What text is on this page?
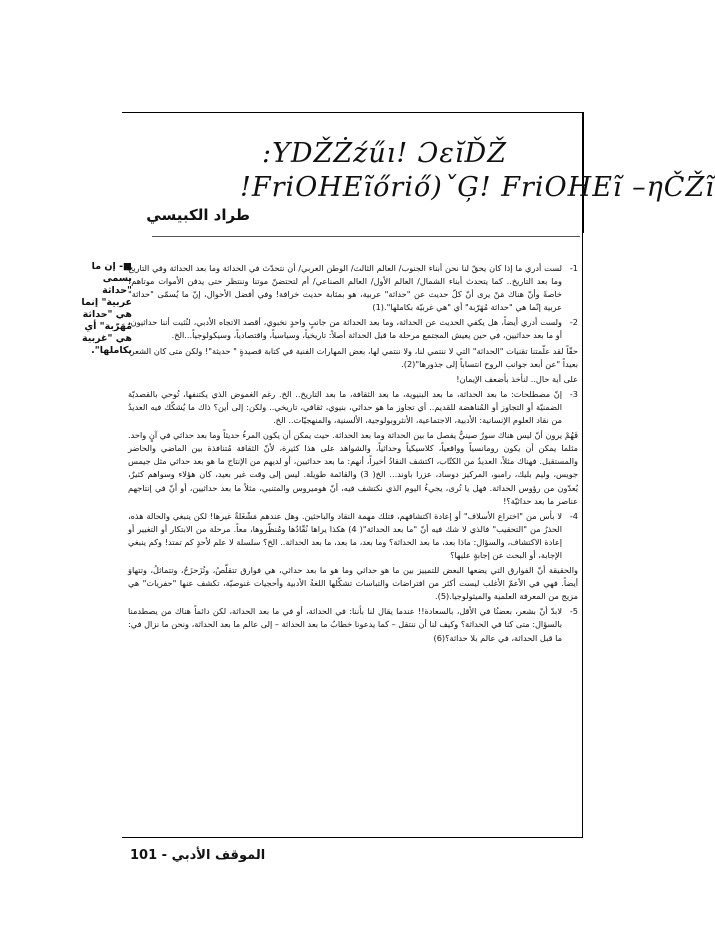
:YDŽŻźűı! ƆεĭĎŽ
!FriOHEĩőriő)ˇĢ! FriOHEĩ –ηČŽĩ
طراد الكبيسي
■- إن ما يسمى "حداثة عربية" إنما هي "حداثة مُهَرّبة" أي هي "غربية بكاملها".
1-
لست أدري ما إذا كان يحقّ لنا نحن أبناء الجنوب/ العالم الثالث/ الوطن العربي/ أن نتحدّث في الحداثة وما بعد الحداثة وفي التاريخ وما بعد التاريخ.. كما يتحدث أبناء الشمال/ العالم الأول/ العالم الصناعي/ أم لتحتضنّ موتنا وننتظر حتى يدفن الأموات موتاهم! خاصةً وأنّ هناك مَنْ يرى أنّ كلّ حديث عن "حداثة" عربية، هو بمثابة حديث خرافة! وفي أفضل الأحوال، إنّ ما يُسمّى "حداثة" عربية إنّما هي "حداثة مُهَرّبة" أي "هي غربيّة بكاملها".(1)
2-
ولست أدري أيضاً، هل يكفي الحديث عن الحداثة، وما بعد الحداثة من جانبٍ واحدٍ نخبوي، أقصد الاتجاه الأدبي، لنُثبت أننا حداثيون، أو ما بعد حداثيين، في حين يعيش المجتمع مرحلة ما قبل الحداثة أصلاً: تاريخياً، وسياسياً، واقتصادياً، وسيكولوجياً...الخ.
حقّاً لقد علّمتنا تقنيات "الحداثة" التي لا ننتمي لنا، ولا ننتمي لها، بعض المهارات الفنية في كتابة قصيدةٍ " حديثة"! ولكن متى كان الشعر، بعيداً "عن أبعد جوانب الروح انتساباً إلى جذورها"(2).
على أية حال.. لنأخذ بأضعف الإيمان!
3-
إنّ مصطلحات: ما بعد الحداثة، ما بعد البنيوية، ما بعد الثقافة، ما بعد التاريخ.. الخ. رغم الغموض الذي يكتنفها، تُوحي بالقصديّة الضمنيّة أو التجاوز أو المُناهضة للقديم.. أي تجاوز ما هو حداثي، بنيوي، ثقافي، تاريخي.. ولكن: إلى أين؟ ذاك ما يُشكّك فيه العديدُ من نقاد العلوم الإنسانية: الأدبية، الاجتماعية، الأنثروبولوجية، الألسنية، والمنهجيّات.. الخ.
فَهُمْ يرون أنّ ليس هناك سورٌ صينيٌّ يفصل ما بين الحداثة وما بعد الحداثة. حيث يمكن أن يكون المرءُ حديثاً وما بعد حداثي في آنٍ واحد. مثلما يمكن أن يكون رومانسياً وواقعياً، كلاسيكياً وحداثياً، والشواهد على هذا كثيرة، لأنّ الثقافة مُتنافذة بين الماضي والحاضر والمستقبل. فهناك مثلاً، العديدُ من الكتّاب، اكتشف النقادُ أخيراً، أنهم: ما بعد حداثيين، أو لديهم من الإنتاج ما هو بعد حداثي مثل جيمس جويس، وليم بليك، رامبو، المركيز دوساد، عزرا باوند... الخ( 3) والقائمة طويلة. ليس إلى وقت غير بعيد، كان هؤلاء وسواهم كثيرٌ، يُعدّون من رؤوس الحداثة. فهل يا تُرى، يجيءُ اليوم الذي نكتشف فيه، أنّ هوميروس والمتنبي، مثلاً ما بعد حداثيين، أو أنّ في إنتاجهم عناصر ما بعد حداثيّة؟!
4-
لا بأس من "اختراع الأسلاف" أو إعادة اكتشافهم، فتلك مهمة النقاد والباحثين. وهل عندهم مَشْغَلةٌ غيرها! لكن ينبغي والحالة هذه، الحذرُ من "التحقيب" فالذي لا شك فيه أنّ "ما بعد الحداثة"( 4) هكذا يراها نُقّادُها ومُنظّروها، معاً. مرحلة من الابتكار أو التغيير أو إعادة الاكتشاف، والسؤال: ماذا بعد، ما بعد الحداثة؟ وما بعد، ما بعد، ما بعد الحداثة.. الخ؟ سلسلة لا علم لأحدٍ كم تمتد! وكم ينبغي الإجابة، أو البحث عن إجابةٍ عليها؟
والحقيقة أنّ الفوارق التي يضعها البعض للتمييز بين ما هو حداثي وما هو ما بعد حداثي، هي فوارق تتقلّصُ، وتُزَحزَحُ، وتتماثلُ، وتتهاوَ أيضاً. فهي في الأعمّ الأغلب ليست أكثر من افتراضات والتباسات تشكّلها اللغةُ الأدبية وأحجيات غنوصيّة، تكشف عنها "حفريات" هي مزيج من المعرفة العلمية والميثولوجيا.(5).
5-
لابدّ أنّ بشعر، بعضنُا في الأقل، بالسعادة!! عندما يقال لنا بأننا: في الحداثة، أو في ما بعد الحداثة، لكن دائماً هناك من يصطدمنا بالسؤال: متى كنا في الحداثة؟ وكيف لنا أن ننتقل – كما يدعونا خطابُ ما بعد الحداثة – إلى عالم ما بعد الحداثة، ونحن ما نزال في: ما قبل الحداثة، في عالم بلا حداثة؟(6)
الموقف الأدبي - 101
